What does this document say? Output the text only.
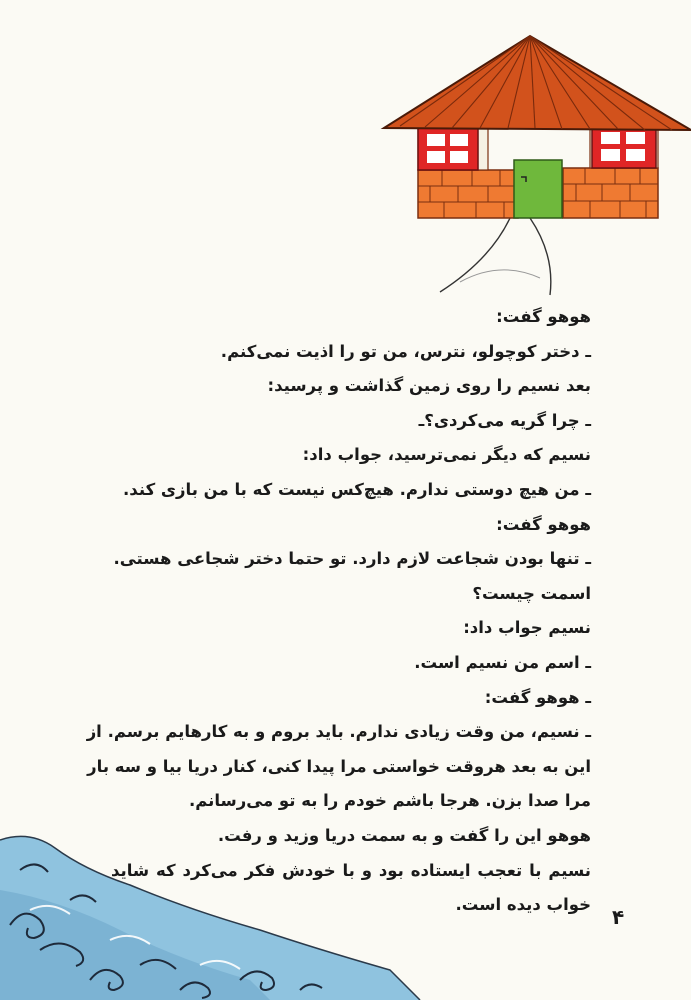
هوهو گفت:
ـ دختر کوچولو، نترس، من تو را اذیت نمی‌کنم.
بعد نسیم را روی زمین گذاشت و پرسید:
ـ چرا گریه می‌کردی؟ـ
نسیم که دیگر نمی‌ترسید، جواب داد:
ـ من هیچ دوستی ندارم. هیچ‌کس نیست که با من بازی کند.
هوهو گفت:
ـ تنها بودن شجاعت لازم دارد. تو حتما دختر شجاعی هستی.
اسمت چیست؟
نسیم جواب داد:
ـ اسم من نسیم است.
ـ هوهو گفت:
ـ نسیم، من وقت زیادی ندارم. باید بروم و به کارهایم برسم. از
این به بعد هروقت خواستی مرا پیدا کنی، کنار دریا بیا و سه بار
مرا صدا بزن. هرجا باشم خودم را به تو می‌رسانم.
هوهو این را گفت و به سمت دریا وزید و رفت.
نسیم با تعجب ایستاده بود و با خودش فکر می‌کرد که شاید
خواب دیده است.
۴
